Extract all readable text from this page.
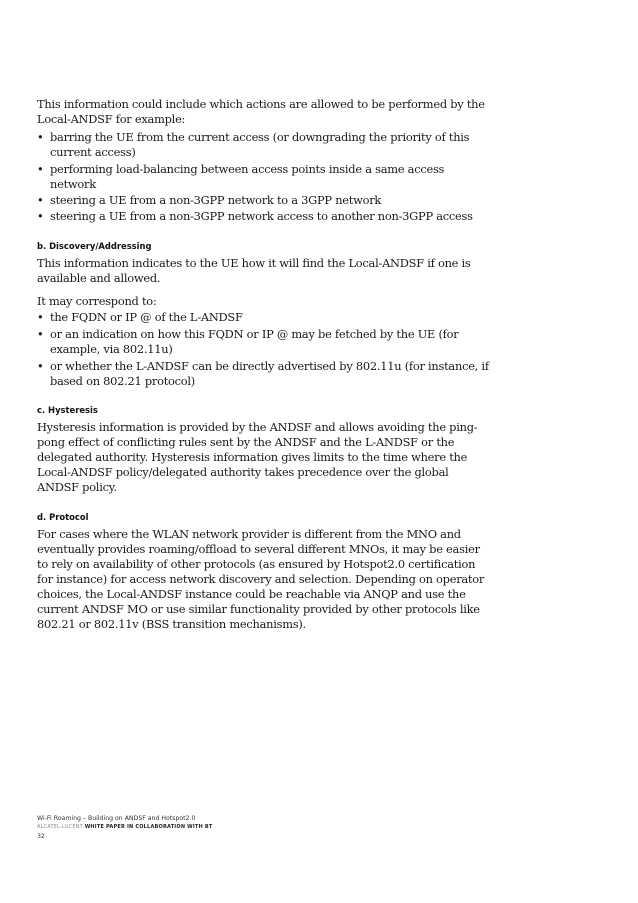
This information could include which actions are allowed to be performed by the Local-ANDSF for example:

• barring the UE from the current access (or downgrading the priority of this current access)
• performing load-balancing between access points inside a same access network
• steering a UE from a non-3GPP network to a 3GPP network
• steering a UE from a non-3GPP network access to another non-3GPP access

b. Discovery/Addressing

This information indicates to the UE how it will find the Local-ANDSF if one is available and allowed.

It may correspond to:

• the FQDN or IP @ of the L-ANDSF
• or an indication on how this FQDN or IP @ may be fetched by the UE (for example, via 802.11u)
• or whether the L-ANDSF can be directly advertised by 802.11u (for instance, if based on 802.21 protocol)

c. Hysteresis

Hysteresis information is provided by the ANDSF and allows avoiding the ping-pong effect of conflicting rules sent by the ANDSF and the L-ANDSF or the delegated authority. Hysteresis information gives limits to the time where the Local-ANDSF policy/delegated authority takes precedence over the global ANDSF policy.

d. Protocol

For cases where the WLAN network provider is different from the MNO and eventually provides roaming/offload to several different MNOs, it may be easier to rely on availability of other protocols (as ensured by Hotspot2.0 certification for instance) for access network discovery and selection. Depending on operator choices, the Local-ANDSF instance could be reachable via ANQP and use the current ANDSF MO or use similar functionality provided by other protocols like 802.21 or 802.11v (BSS transition mechanisms).

Wi-Fi Roaming – Building on ANDSF and Hotspot2.0

ALCATEL-LUCENT WHITE PAPER IN COLLABORATION WITH BT

32
